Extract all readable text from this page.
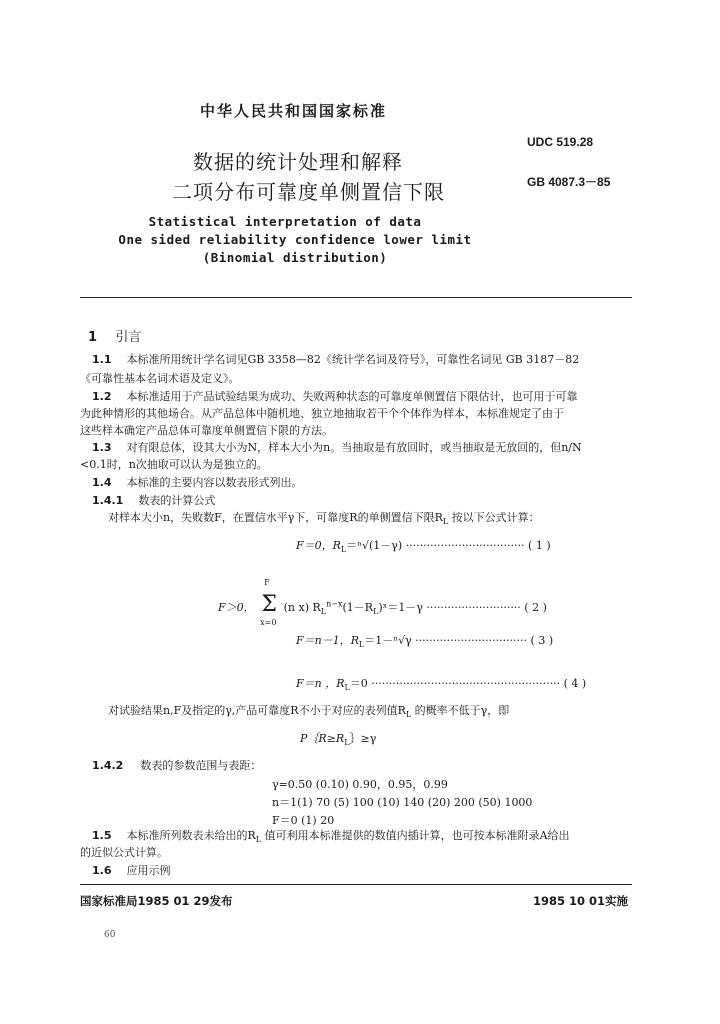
中华人民共和国国家标准
UDC 519.28
GB 4087.3－85
数据的统计处理和解释
二项分布可靠度单侧置信下限
Statistical interpretation of data
One sided reliability confidence lower limit
(Binomial distribution)
1 引言
1.1 本标准所用统计学名词见GB 3358—82《统计学名词及符号》，可靠性名词见 GB 3187－82
《可靠性基本名词术语及定义》。
1.2 本标准适用于产品试验结果为成功、失败两种状态的可靠度单侧置信下限估计，也可用于可靠
为此种情形的其他场合。从产品总体中随机地、独立地抽取若干个个体作为样本，本标准规定了由于
这些样本确定产品总体可靠度单侧置信下限的方法。
1.3 对有限总体，设其大小为N，样本大小为n。当抽取是有放回时，或当抽取是无放回的，但n/N
<0.1时，n次抽取可以认为是独立的。
1.4 本标准的主要内容以数表形式列出。
1.4.1 数表的计算公式
对样本大小n，失败数F，在置信水平γ下，可靠度R的单侧置信下限$R_L$ 按以下公式计算：
F＝0，$R_L=^n√(1-\gamma)$ ·································· ( 1 )
F＞0，
F
Σ
x=0
(n x) $R_L^{n-x}(1-R_L)ˣ=1-\gamma$ ··························· ( 2 )
F＝n－1，$R_L=1-^n√\gamma$ ································ ( 3 )
F＝n ，$R_L=0$ ······················································ ( 4 )
对试验结果n,F及指定的γ,产品可靠度R不小于对应的表列值$R_L$ 的概率不低于γ，即
$P\{R\ge R_L\}\ge\gamma$
1.4.2 数表的参数范围与表距：
γ=0.50 (0.10) 0.90，0.95，0.99
n＝1(1) 70 (5) 100 (10) 140 (20) 200 (50) 1000
F＝0 (1) 20
1.5 本标准所列数表未给出的$R_L$ 值可利用本标准提供的数值内插计算，也可按本标准附录A给出
的近似公式计算。
1.6 应用示例
国家标准局1985 01 29发布	1985 10 01实施
60
